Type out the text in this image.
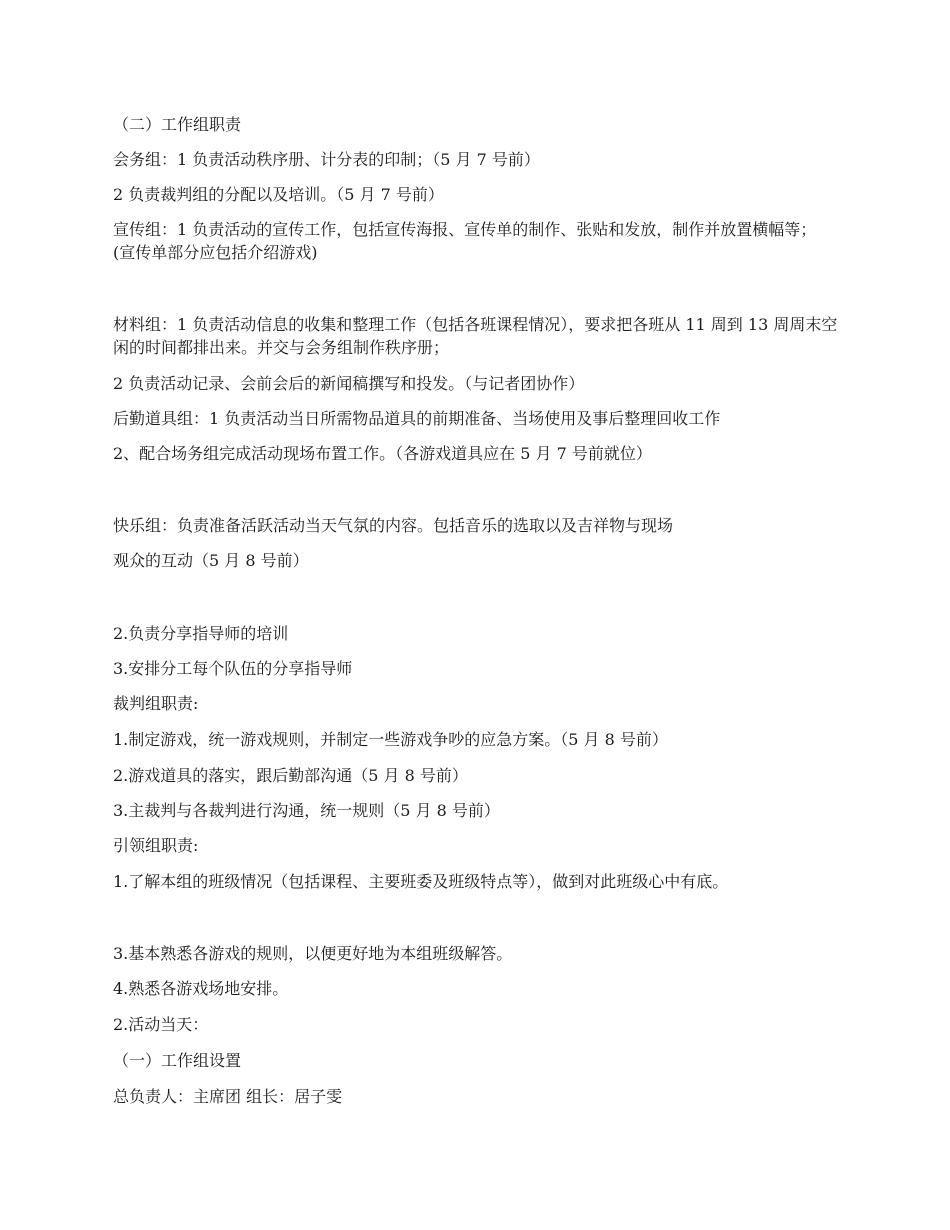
（二）工作组职责

会务组：1 负责活动秩序册、计分表的印制；（5 月 7 号前）

2 负责裁判组的分配以及培训。（5 月 7 号前）

宣传组：1 负责活动的宣传工作，包括宣传海报、宣传单的制作、张贴和发放，制作并放置横幅等；(宣传单部分应包括介绍游戏)

材料组：1 负责活动信息的收集和整理工作（包括各班课程情况），要求把各班从 11 周到 13 周周末空闲的时间都排出来。并交与会务组制作秩序册；

2 负责活动记录、会前会后的新闻稿撰写和投发。（与记者团协作）

后勤道具组：1 负责活动当日所需物品道具的前期准备、当场使用及事后整理回收工作

2、配合场务组完成活动现场布置工作。（各游戏道具应在 5 月 7 号前就位）

快乐组：负责准备活跃活动当天气氛的内容。包括音乐的选取以及吉祥物与现场

观众的互动（5 月 8 号前）

2.负责分享指导师的培训

3.安排分工每个队伍的分享指导师

裁判组职责:

1.制定游戏，统一游戏规则，并制定一些游戏争吵的应急方案。（5 月 8 号前）

2.游戏道具的落实，跟后勤部沟通（5 月 8 号前）

3.主裁判与各裁判进行沟通，统一规则（5 月 8 号前）

引领组职责:

1.了解本组的班级情况（包括课程、主要班委及班级特点等），做到对此班级心中有底。

3.基本熟悉各游戏的规则，以便更好地为本组班级解答。

4.熟悉各游戏场地安排。

2.活动当天：

（一）工作组设置

总负责人：主席团 组长：居子雯
